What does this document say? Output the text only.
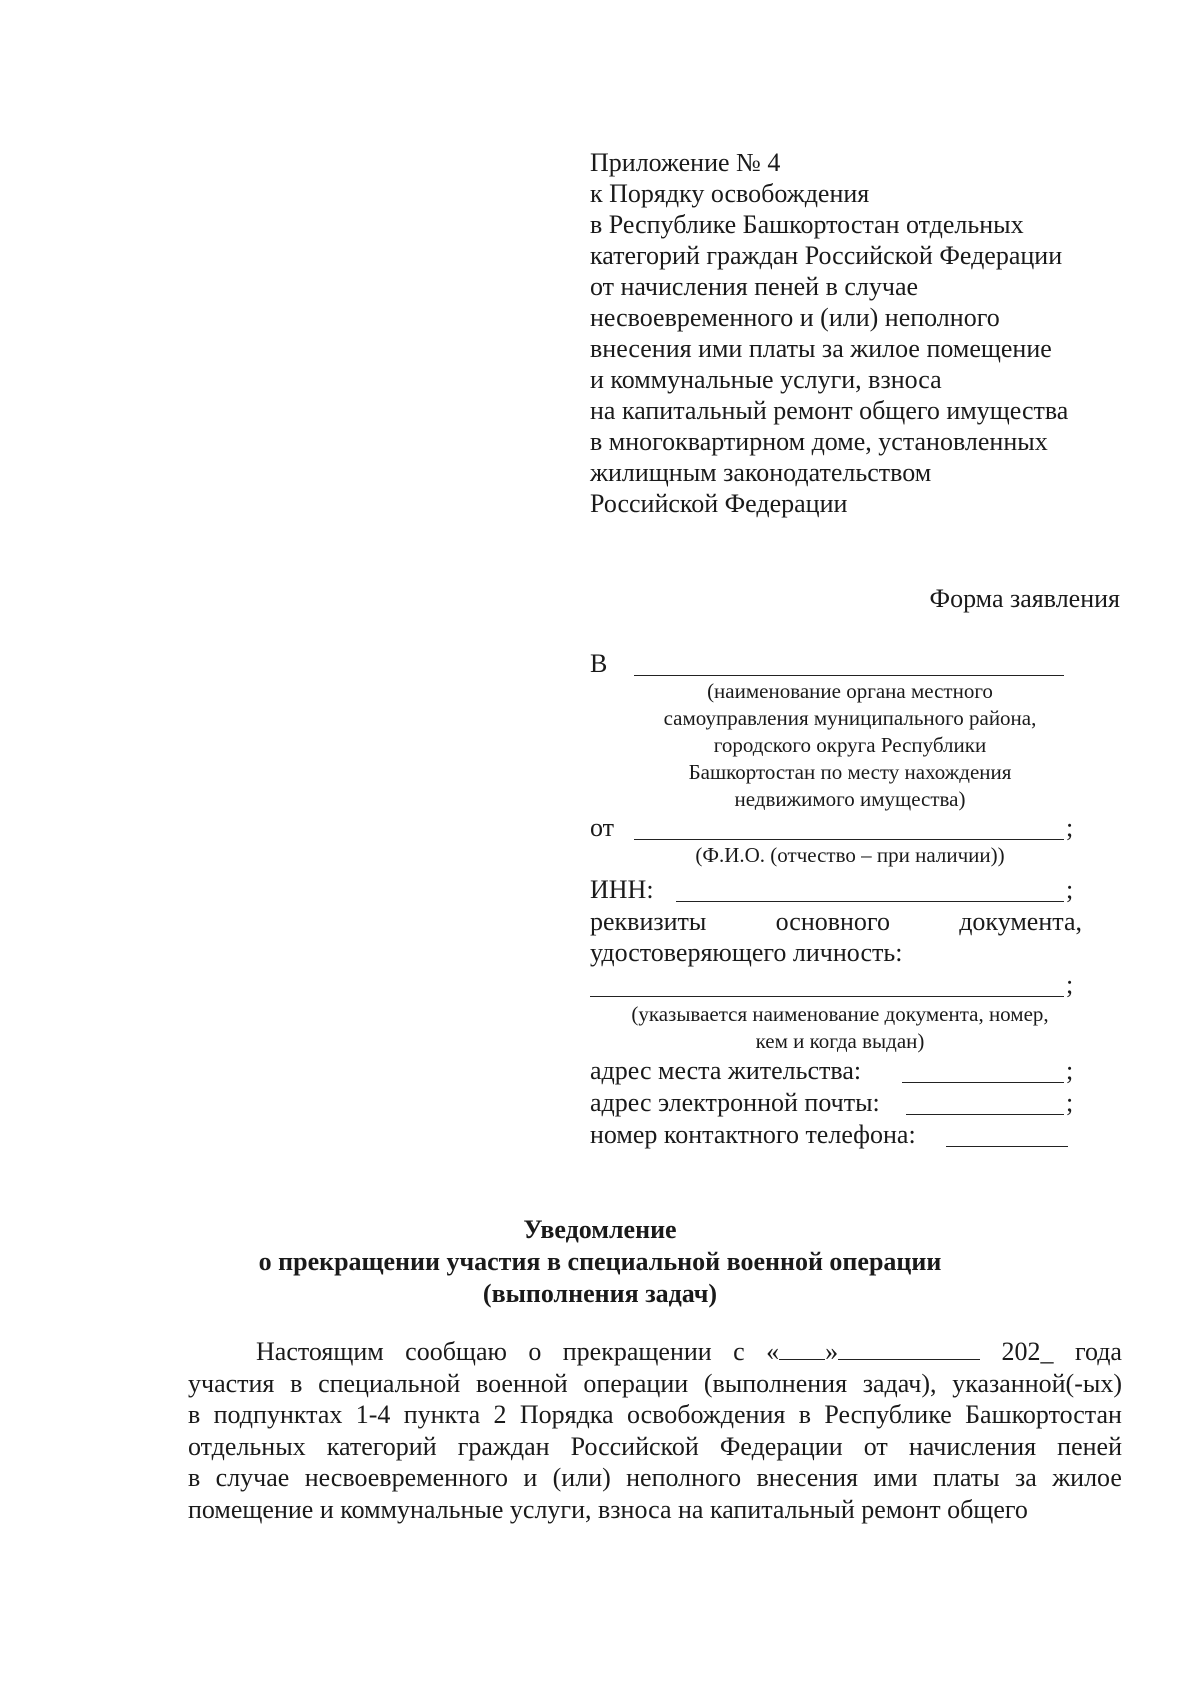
Приложение № 4
к Порядку освобождения
в Республике Башкортостан отдельных
категорий граждан Российской Федерации
от начисления пеней в случае
несвоевременного и (или) неполного
внесения ими платы за жилое помещение
и коммунальные услуги, взноса
на капитальный ремонт общего имущества
в многоквартирном доме, установленных
жилищным законодательством
Российской Федерации
Форма заявления
В
(наименование органа местного
самоуправления муниципального района,
городского округа Республики
Башкортостан по месту нахождения
недвижимого имущества)
от	;
(Ф.И.О. (отчество – при наличии))
ИНН:	;
реквизиты	основного	документа,
удостоверяющего личность:
;
(указывается наименование документа, номер,
кем и когда выдан)
адрес места жительства:	;
адрес электронной почты:	;
номер контактного телефона:
Уведомление
о прекращении участия в специальной военной операции
(выполнения задач)
Настоящим сообщаю о прекращении с « »	202_ года
участия в специальной военной операции (выполнения задач), указанной(-ых)
в подпунктах 1-4 пункта 2 Порядка освобождения в Республике Башкортостан
отдельных категорий граждан Российской Федерации от начисления пеней
в случае несвоевременного и (или) неполного внесения ими платы за жилое
помещение и коммунальные услуги, взноса на капитальный ремонт общего
